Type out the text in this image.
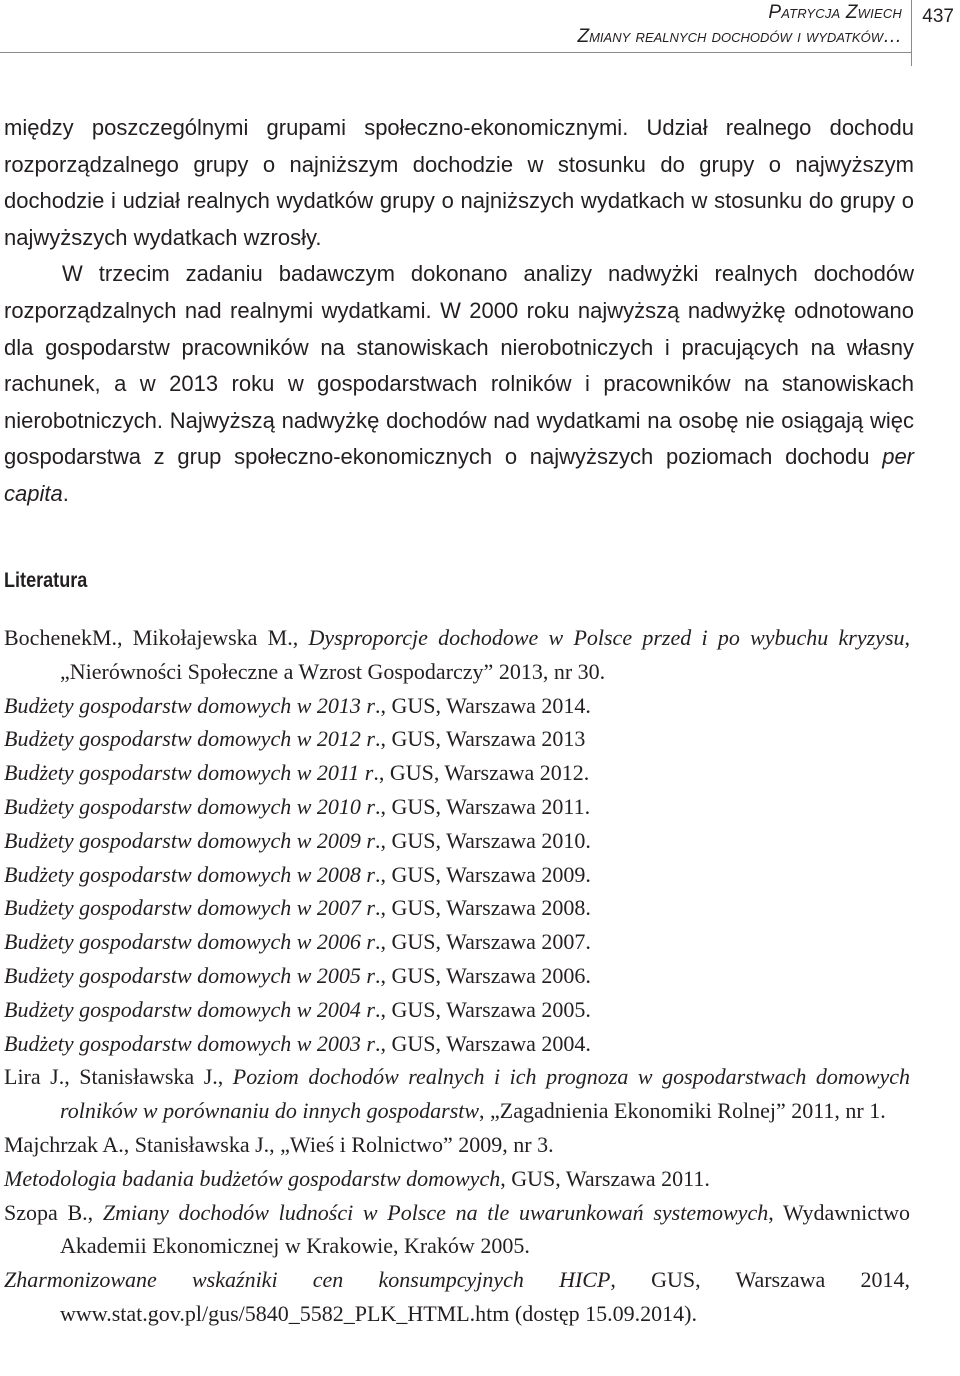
Patrycja Zwiech
Zmiany realnych dochodów i wydatków…
437

między poszczególnymi grupami społeczno-ekonomicznymi. Udział realnego dochodu rozporządzalnego grupy o najniższym dochodzie w stosunku do grupy o najwyższym dochodzie i udział realnych wydatków grupy o najniższych wydatkach w stosunku do grupy o najwyższych wydatkach wzrosły.

W trzecim zadaniu badawczym dokonano analizy nadwyżki realnych dochodów rozporządzalnych nad realnymi wydatkami. W 2000 roku najwyższą nadwyżkę odnotowano dla gospodarstw pracowników na stanowiskach nierobotniczych i pracujących na własny rachunek, a w 2013 roku w gospodarstwach rolników i pracowników na stanowiskach nierobotniczych. Najwyższą nadwyżkę dochodów nad wydatkami na osobę nie osiągają więc gospodarstwa z grup społeczno-ekonomicznych o najwyższych poziomach dochodu per capita.

Literatura

BochenekM., Mikołajewska M., Dysproporcje dochodowe w Polsce przed i po wybuchu kryzysu, „Nierówności Społeczne a Wzrost Gospodarczy” 2013, nr 30.

Budżety gospodarstw domowych w 2013 r., GUS, Warszawa 2014.

Budżety gospodarstw domowych w 2012 r., GUS, Warszawa 2013

Budżety gospodarstw domowych w 2011 r., GUS, Warszawa 2012.

Budżety gospodarstw domowych w 2010 r., GUS, Warszawa 2011.

Budżety gospodarstw domowych w 2009 r., GUS, Warszawa 2010.

Budżety gospodarstw domowych w 2008 r., GUS, Warszawa 2009.

Budżety gospodarstw domowych w 2007 r., GUS, Warszawa 2008.

Budżety gospodarstw domowych w 2006 r., GUS, Warszawa 2007.

Budżety gospodarstw domowych w 2005 r., GUS, Warszawa 2006.

Budżety gospodarstw domowych w 2004 r., GUS, Warszawa 2005.

Budżety gospodarstw domowych w 2003 r., GUS, Warszawa 2004.

Lira J., Stanisławska J., Poziom dochodów realnych i ich prognoza w gospodarstwach domowych rolników w porównaniu do innych gospodarstw, „Zagadnienia Ekonomiki Rolnej” 2011, nr 1.

Majchrzak A., Stanisławska J., „Wieś i Rolnictwo” 2009, nr 3.

Metodologia badania budżetów gospodarstw domowych, GUS, Warszawa 2011.

Szopa B., Zmiany dochodów ludności w Polsce na tle uwarunkowań systemowych, Wydawnictwo Akademii Ekonomicznej w Krakowie, Kraków 2005.

Zharmonizowane wskaźniki cen konsumpcyjnych HICP, GUS, Warszawa 2014, www.stat.gov.pl/gus/5840_5582_PLK_HTML.htm (dostęp 15.09.2014).
